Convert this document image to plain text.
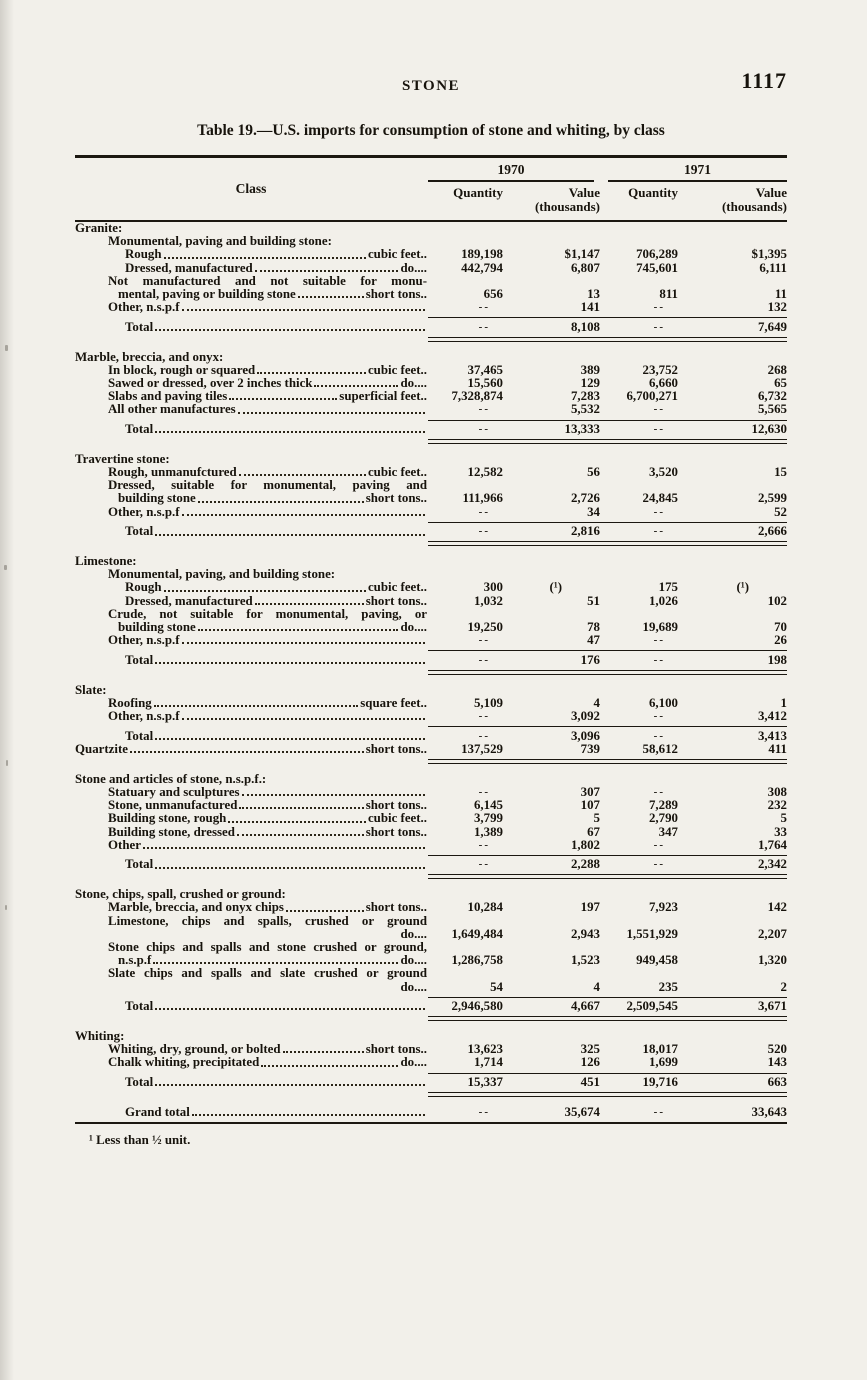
STONE	1117
Table 19.—U.S. imports for consumption of stone and whiting, by class
Class
1970	1971
Quantity	Value
(thousands)
Quantity	Value
(thousands)
Granite:
Monumental, paving and building stone:
Rough	cubic feet..	189,198	$1,147	706,289	$1,395
Dressed, manufactured	do....	442,794	6,807	745,601	6,111
Not manufactured and not suitable for monu-
mental, paving or building stone	short tons..	656	13	811	11
Other, n.s.p.f	--	141	--	132
Total	--	8,108	--	7,649
Marble, breccia, and onyx:
In block, rough or squared	cubic feet..	37,465	389	23,752	268
Sawed or dressed, over 2 inches thick	do....	15,560	129	6,660	65
Slabs and paving tiles	superficial feet..	7,328,874	7,283	6,700,271	6,732
All other manufactures	--	5,532	--	5,565
Total	--	13,333	--	12,630
Travertine stone:
Rough, unmanufctured	cubic feet..	12,582	56	3,520	15
Dressed, suitable for monumental, paving and
building stone	short tons..	111,966	2,726	24,845	2,599
Other, n.s.p.f	--	34	--	52
Total	--	2,816	--	2,666
Limestone:
Monumental, paving, and building stone:
Rough	cubic feet..	300	(¹)	175	(¹)
Dressed, manufactured	short tons..	1,032	51	1,026	102
Crude, not suitable for monumental, paving, or
building stone	do....	19,250	78	19,689	70
Other, n.s.p.f	--	47	--	26
Total	--	176	--	198
Slate:
Roofing	square feet..	5,109	4	6,100	1
Other, n.s.p.f	--	3,092	--	3,412
Total	--	3,096	--	3,413
Quartzite	short tons..	137,529	739	58,612	411
Stone and articles of stone, n.s.p.f.:
Statuary and sculptures	--	307	--	308
Stone, unmanufactured	short tons..	6,145	107	7,289	232
Building stone, rough	cubic feet..	3,799	5	2,790	5
Building stone, dressed	short tons..	1,389	67	347	33
Other	--	1,802	--	1,764
Total	--	2,288	--	2,342
Stone, chips, spall, crushed or ground:
Marble, breccia, and onyx chips	short tons..	10,284	197	7,923	142
Limestone, chips and spalls, crushed or ground
do....	1,649,484	2,943	1,551,929	2,207
Stone chips and spalls and stone crushed or ground,
n.s.p.f	do....	1,286,758	1,523	949,458	1,320
Slate chips and spalls and slate crushed or ground
do....	54	4	235	2
Total	2,946,580	4,667	2,509,545	3,671
Whiting:
Whiting, dry, ground, or bolted	short tons..	13,623	325	18,017	520
Chalk whiting, precipitated	do....	1,714	126	1,699	143
Total	15,337	451	19,716	663
Grand total	--	35,674	--	33,643
¹ Less than ½ unit.
